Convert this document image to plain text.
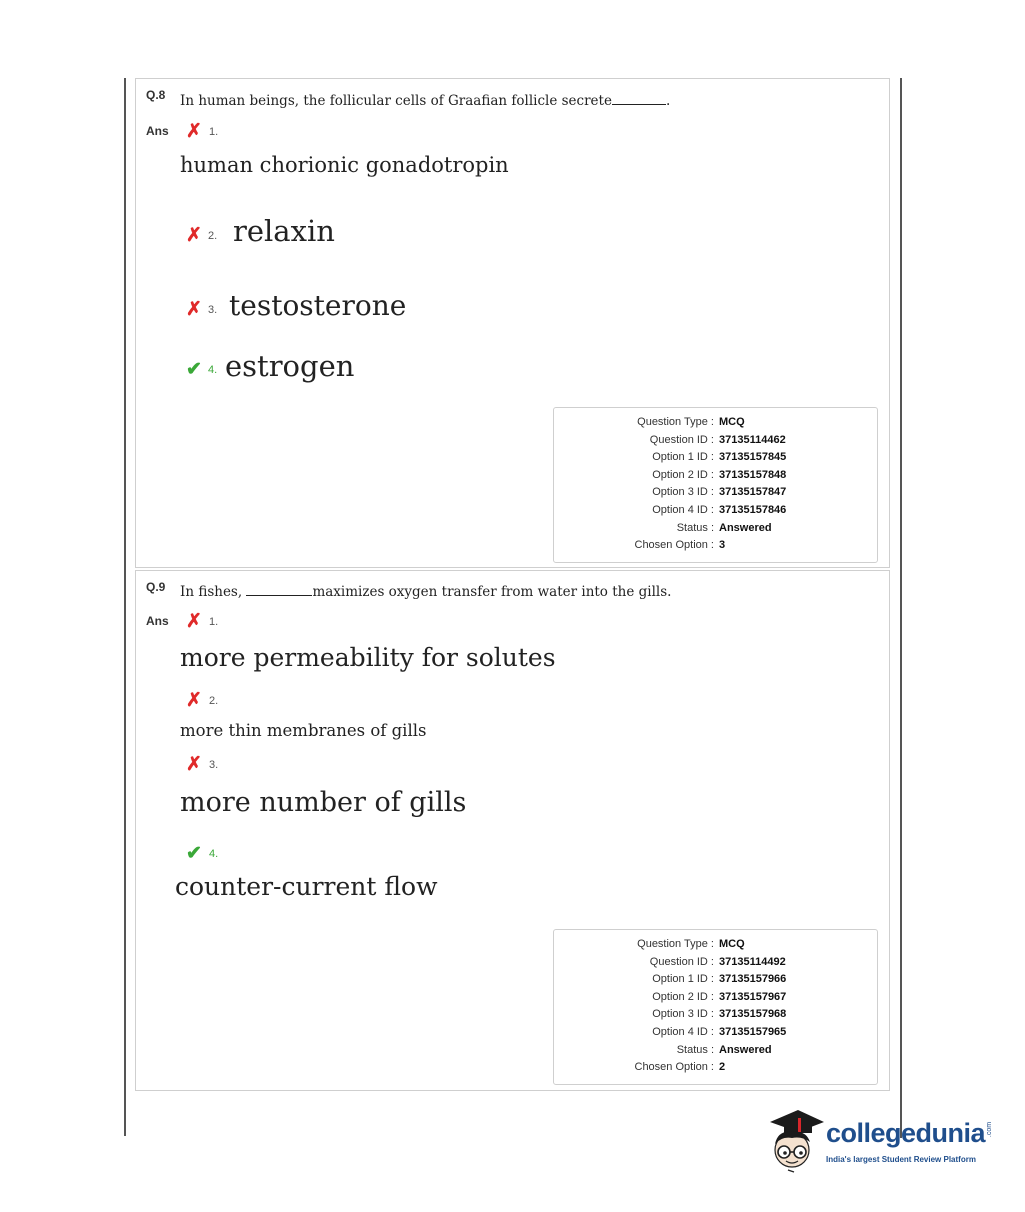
Q.8 In human beings, the follicular cells of Graafian follicle secrete	.
Ans ✗ 1.
human chorionic gonadotropin
✗ 2. relaxin
✗ 3. testosterone
✔ 4. estrogen
Question Type : MCQ
Question ID : 37135114462
Option 1 ID : 37135157845
Option 2 ID : 37135157848
Option 3 ID : 37135157847
Option 4 ID : 37135157846
Status : Answered
Chosen Option : 3
Q.9 In fishes,	maximizes oxygen transfer from water into the gills.
Ans ✗ 1.
more permeability for solutes
✗ 2.
more thin membranes of gills
✗ 3.
more number of gills
✔ 4.
counter-current flow
Question Type : MCQ
Question ID : 37135114492
Option 1 ID : 37135157966
Option 2 ID : 37135157967
Option 3 ID : 37135157968
Option 4 ID : 37135157965
Status : Answered
Chosen Option : 2
collegedunia .com
India's largest Student Review Platform
